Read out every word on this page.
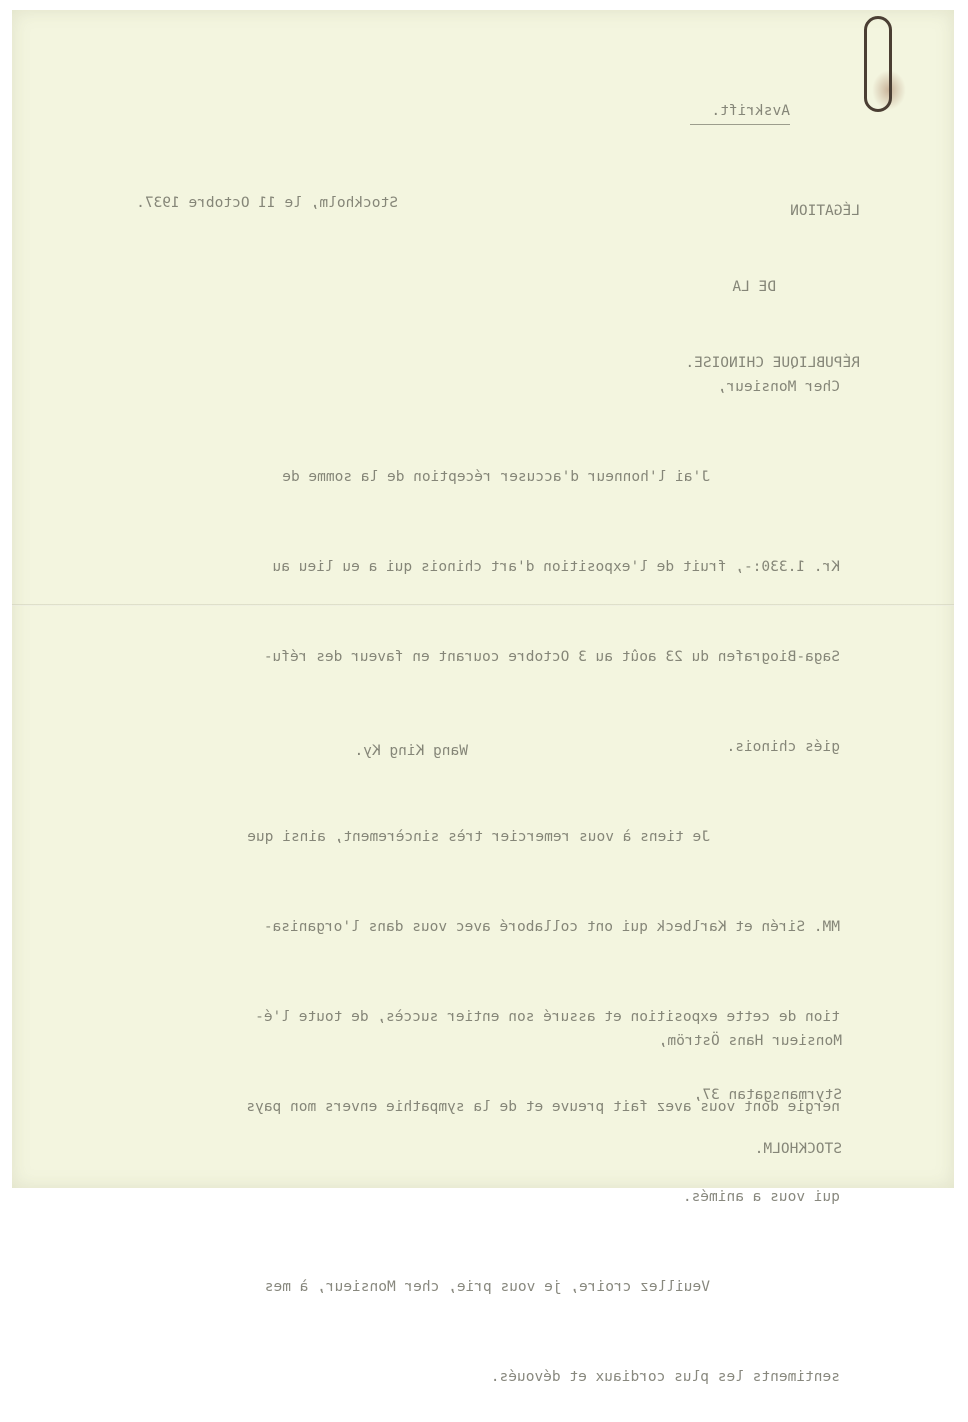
Avskrift.

LÉGATION

DE LA

RÉPUBLIQUE CHINOISE.

Stockholm, le 11 Octobre 1937.

Cher Monsieur,

J'ai l'honneur d'accuser réception de la somme de

Kr. 1.330:-, fruit de l'exposition d'art chinois qui a eu lieu au

Saga-Biografen du 23 août au 3 Octobre courant en faveur des réfu-

giés chinois.

Je tiens à vous remercier très sincèrement, ainsi que

MM. Sirén et Karlbeck qui ont collaboré avec vous dans l'organisa-

tion de cette exposition et assuré son entier succès, de toute l'é-

nergie dont vous avez fait preuve et de la sympathie envers mon pays

qui vous a animés.

Veuillez croire, je vous prie, cher Monsieur, à mes

sentiments les plus cordiaux et dévoués.

Wang King Ky.

Monsieur Hans Öström,

Styrmansgatan 37,

STOCKHOLM.
